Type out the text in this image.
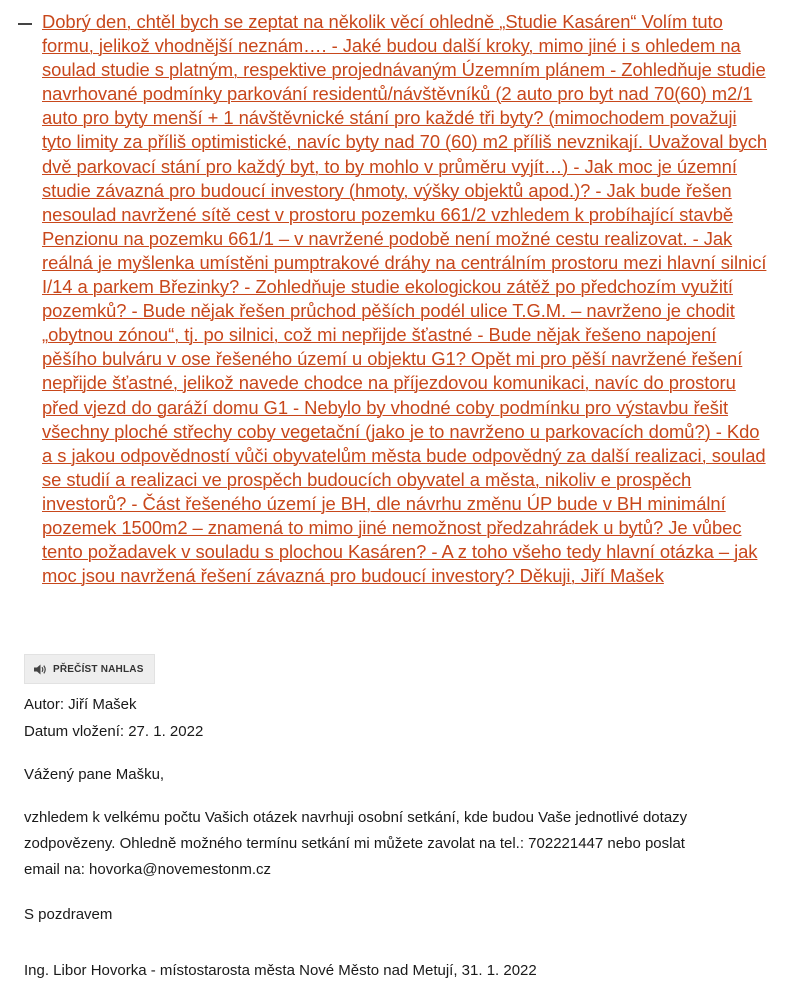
Dobrý den, chtěl bych se zeptat na několik věcí ohledně „Studie Kasáren“ Volím tuto formu, jelikož vhodnější neznám…. - Jaké budou další kroky, mimo jiné i s ohledem na soulad studie s platným, respektive projednávaným Územním plánem - Zohledňuje studie navrhované podmínky parkování residentů/návštěvníků (2 auto pro byt nad 70(60) m2/1 auto pro byty menší + 1 návštěvnické stání pro každé tři byty? (mimochodem považuji tyto limity za příliš optimistické, navíc byty nad 70 (60) m2 příliš nevznikají. Uvažoval bych dvě parkovací stání pro každý byt, to by mohlo v průměru vyjít…) - Jak moc je územní studie závazná pro budoucí investory (hmoty, výšky objektů apod.)? - Jak bude řešen nesoulad navržené sítě cest v prostoru pozemku 661/2 vzhledem k probíhající stavbě Penzionu na pozemku 661/1 – v navržené podobě není možné cestu realizovat. - Jak reálná je myšlenka umístěni pumptrakové dráhy na centrálním prostoru mezi hlavní silnicí I/14 a parkem Březinky? - Zohledňuje studie ekologickou zátěž po předchozím využití pozemků? - Bude nějak řešen průchod pěších podél ulice T.G.M. – navrženo je chodit „obytnou zónou“, tj. po silnici, což mi nepřijde šťastné - Bude nějak řešeno napojení pěšího bulváru v ose řešeného území u objektu G1? Opět mi pro pěší navržené řešení nepřijde šťastné, jelikož navede chodce na příjezdovou komunikaci, navíc do prostoru před vjezd do garáží domu G1 - Nebylo by vhodné coby podmínku pro výstavbu řešit všechny ploché střechy coby vegetační (jako je to navrženo u parkovacích domů?) - Kdo a s jakou odpovědností vůči obyvatelům města bude odpovědný za další realizaci, soulad se studií a realizaci ve prospěch budoucích obyvatel a města, nikoliv e prospěch investorů? - Část řešeného území je BH, dle návrhu změnu ÚP bude v BH minimální pozemek 1500m2 – znamená to mimo jiné nemožnost předzahrádek u bytů? Je vůbec tento požadavek v souladu s plochou Kasáren? - A z toho všeho tedy hlavní otázka – jak moc jsou navržená řešení závazná pro budoucí investory? Děkuji, Jiří Mašek
PŘEČÍST NAHLAS
Autor: Jiří Mašek
Datum vložení: 27. 1. 2022
Vážený pane Mašku,
vzhledem k velkému počtu Vašich otázek navrhuji osobní setkání, kde budou Vaše jednotlivé dotazy zodpovězeny. Ohledně možného termínu setkání mi můžete zavolat na tel.: 702221447 nebo poslat email na: hovorka@novemestonm.cz
S pozdravem
Ing. Libor Hovorka - místostarosta města Nové Město nad Metují, 31. 1. 2022
